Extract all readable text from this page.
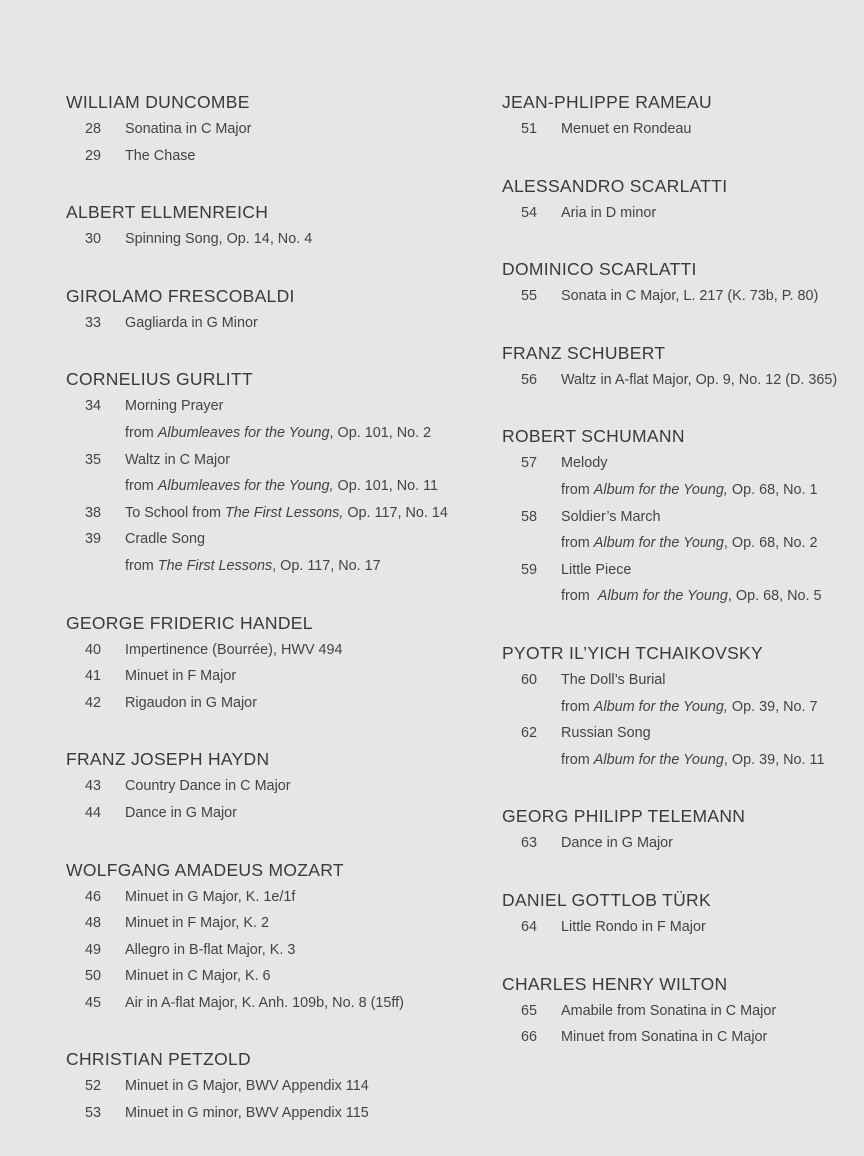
WILLIAM DUNCOMBE
28 Sonatina in C Major
29 The Chase
ALBERT ELLMENREICH
30 Spinning Song, Op. 14, No. 4
GIROLAMO FRESCOBALDI
33 Gagliarda in G Minor
CORNELIUS GURLITT
34 Morning Prayer
from Albumleaves for the Young, Op. 101, No. 2
35 Waltz in C Major
from Albumleaves for the Young, Op. 101, No. 11
38 To School from The First Lessons, Op. 117, No. 14
39 Cradle Song
from The First Lessons, Op. 117, No. 17
GEORGE FRIDERIC HANDEL
40 Impertinence (Bourrée), HWV 494
41 Minuet in F Major
42 Rigaudon in G Major
FRANZ JOSEPH HAYDN
43 Country Dance in C Major
44 Dance in G Major
WOLFGANG AMADEUS MOZART
46 Minuet in G Major, K. 1e/1f
48 Minuet in F Major, K. 2
49 Allegro in B-flat Major, K. 3
50 Minuet in C Major, K. 6
45 Air in A-flat Major, K. Anh. 109b, No. 8 (15ff)
CHRISTIAN PETZOLD
52 Minuet in G Major, BWV Appendix 114
53 Minuet in G minor, BWV Appendix 115
JEAN-PHLIPPE RAMEAU
51 Menuet en Rondeau
ALESSANDRO SCARLATTI
54 Aria in D minor
DOMINICO SCARLATTI
55 Sonata in C Major, L. 217 (K. 73b, P. 80)
FRANZ SCHUBERT
56 Waltz in A-flat Major, Op. 9, No. 12 (D. 365)
ROBERT SCHUMANN
57 Melody
from Album for the Young, Op. 68, No. 1
58 Soldier’s March
from Album for the Young, Op. 68, No. 2
59 Little Piece
from  Album for the Young, Op. 68, No. 5
PYOTR IL’YICH TCHAIKOVSKY
60 The Doll’s Burial
from Album for the Young, Op. 39, No. 7
62 Russian Song
from Album for the Young, Op. 39, No. 11
GEORG PHILIPP TELEMANN
63 Dance in G Major
DANIEL GOTTLOB TÜRK
64 Little Rondo in F Major
CHARLES HENRY WILTON
65 Amabile from Sonatina in C Major
66 Minuet from Sonatina in C Major
